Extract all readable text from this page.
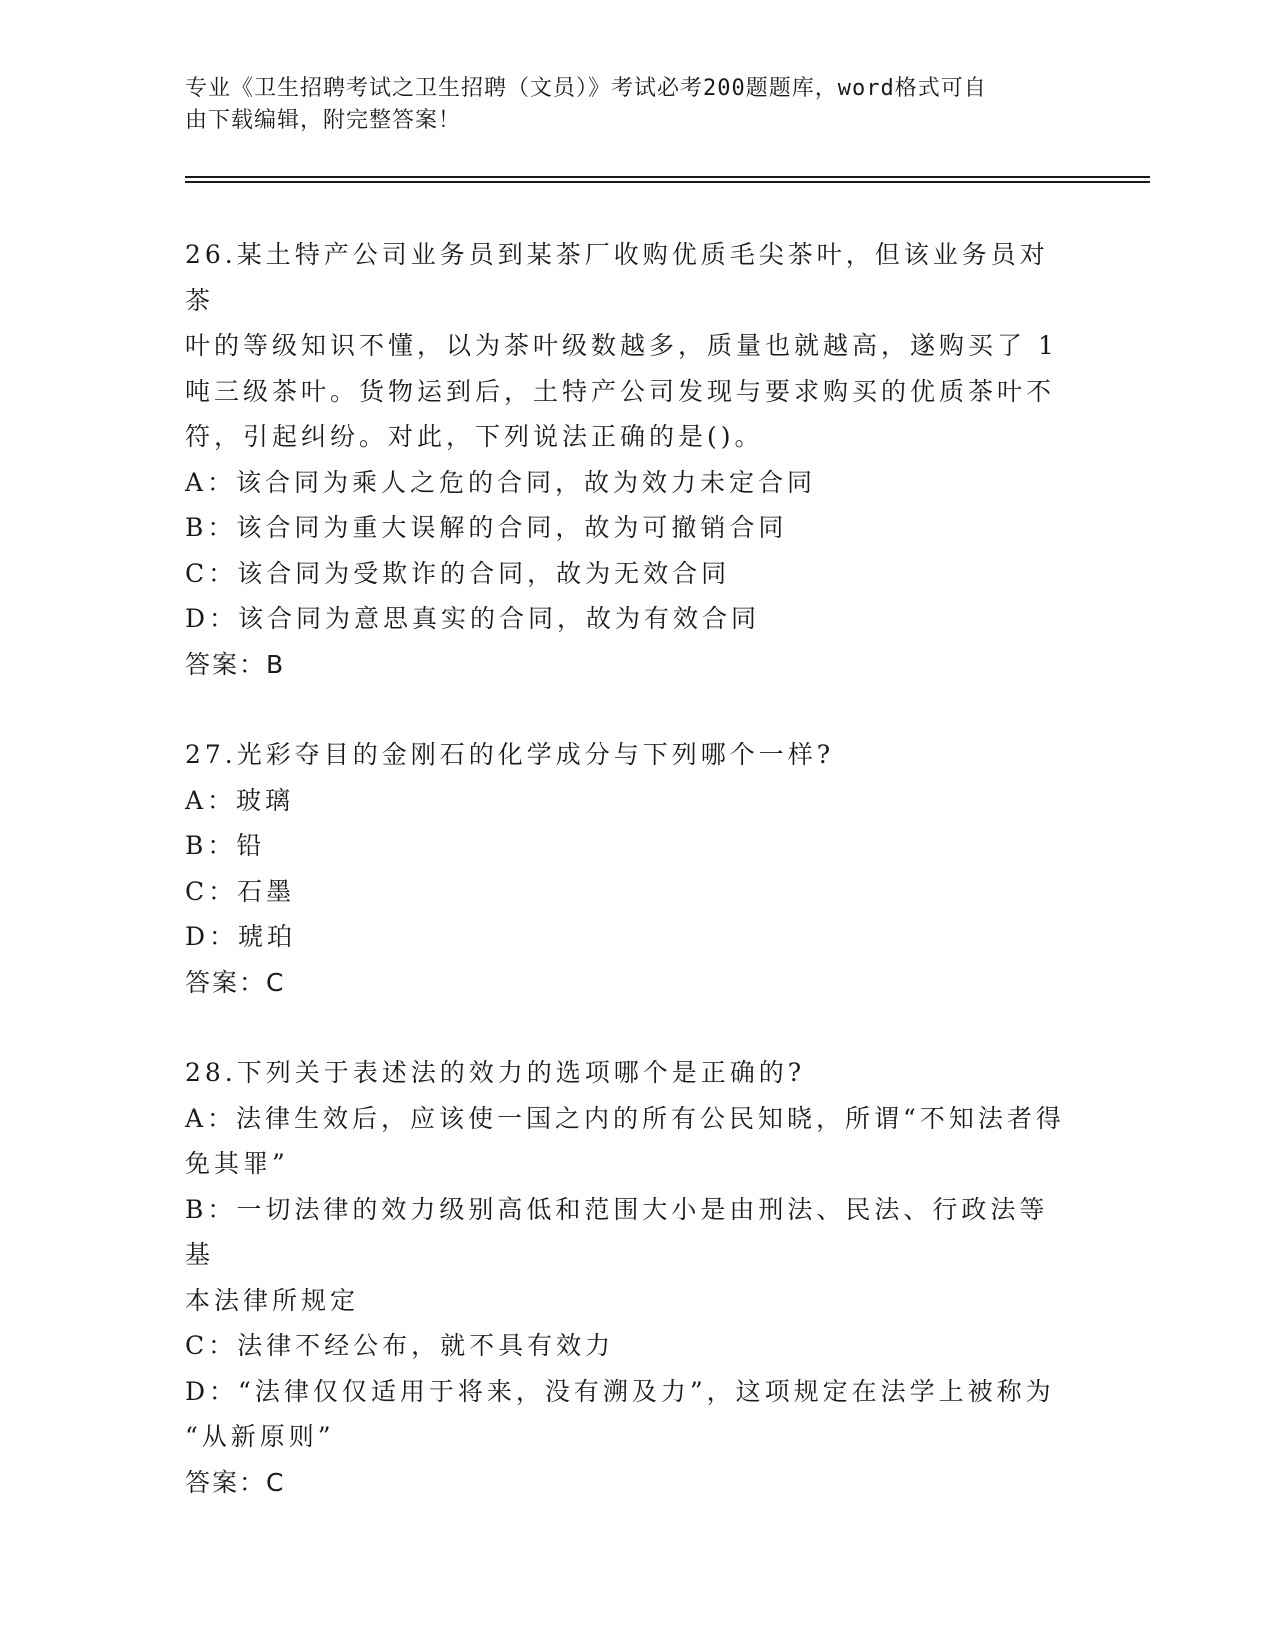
专业《卫生招聘考试之卫生招聘（文员）》考试必考200题题库，word格式可自
由下载编辑，附完整答案！
26.某土特产公司业务员到某茶厂收购优质毛尖茶叶，但该业务员对茶
叶的等级知识不懂，以为茶叶级数越多，质量也就越高，遂购买了 1
吨三级茶叶。货物运到后，土特产公司发现与要求购买的优质茶叶不
符，引起纠纷。对此，下列说法正确的是()。
A：该合同为乘人之危的合同，故为效力未定合同
B：该合同为重大误解的合同，故为可撤销合同
C：该合同为受欺诈的合同，故为无效合同
D：该合同为意思真实的合同，故为有效合同
答案：B
27.光彩夺目的金刚石的化学成分与下列哪个一样?
A：玻璃
B：铅
C：石墨
D：琥珀
答案：C
28.下列关于表述法的效力的选项哪个是正确的?
A：法律生效后，应该使一国之内的所有公民知晓，所谓“不知法者得
免其罪”
B：一切法律的效力级别高低和范围大小是由刑法、民法、行政法等基
本法律所规定
C：法律不经公布，就不具有效力
D：“法律仅仅适用于将来，没有溯及力”，这项规定在法学上被称为
“从新原则”
答案：C
